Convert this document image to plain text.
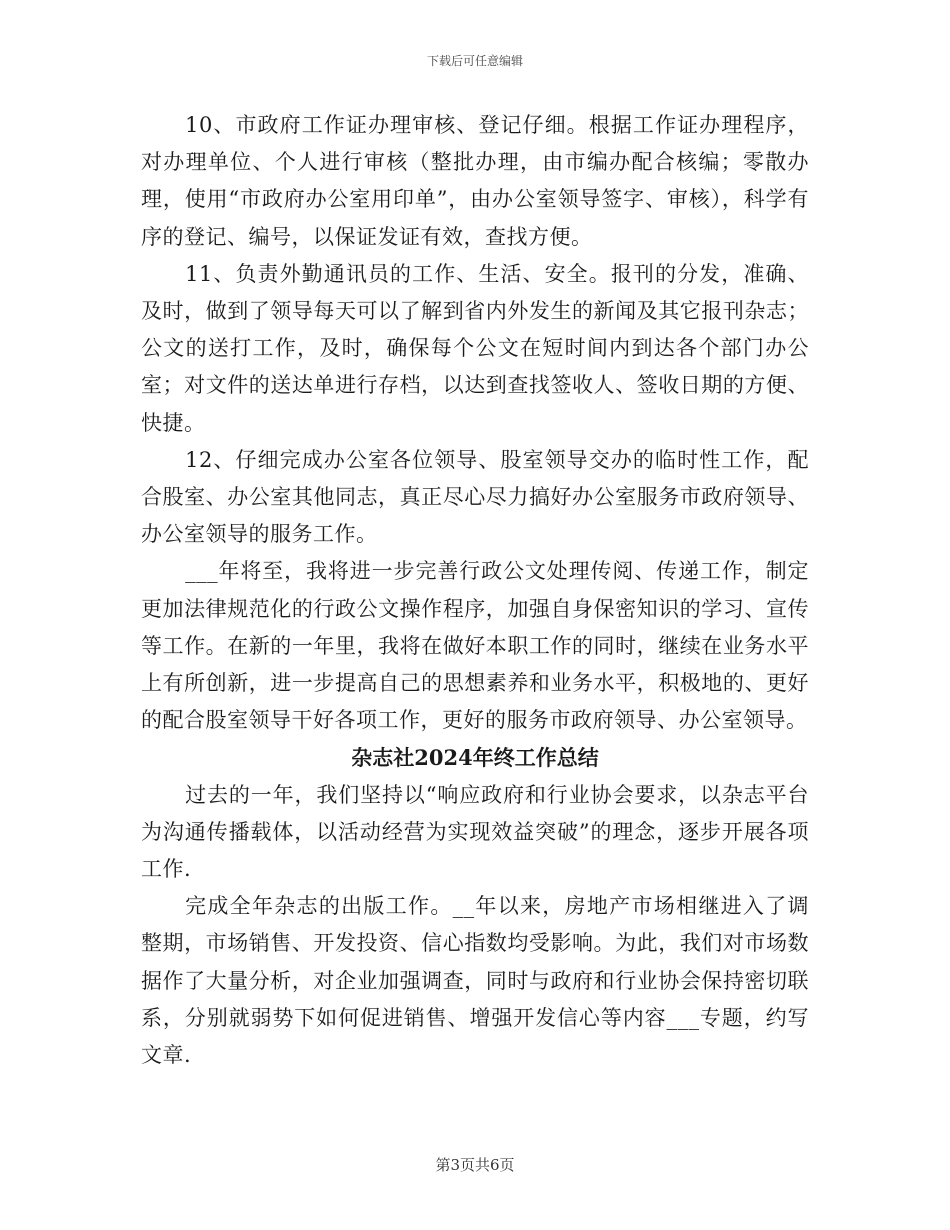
下载后可任意编辑

10、市政府工作证办理审核、登记仔细。根据工作证办理程序，对办理单位、个人进行审核（整批办理，由市编办配合核编；零散办理，使用“市政府办公室用印单”，由办公室领导签字、审核），科学有序的登记、编号，以保证发证有效，查找方便。

11、负责外勤通讯员的工作、生活、安全。报刊的分发，准确、及时，做到了领导每天可以了解到省内外发生的新闻及其它报刊杂志；公文的送打工作，及时，确保每个公文在短时间内到达各个部门办公室；对文件的送达单进行存档，以达到查找签收人、签收日期的方便、快捷。

12、仔细完成办公室各位领导、股室领导交办的临时性工作，配合股室、办公室其他同志，真正尽心尽力搞好办公室服务市政府领导、办公室领导的服务工作。

___年将至，我将进一步完善行政公文处理传阅、传递工作，制定更加法律规范化的行政公文操作程序，加强自身保密知识的学习、宣传等工作。在新的一年里，我将在做好本职工作的同时，继续在业务水平上有所创新，进一步提高自己的思想素养和业务水平，积极地的、更好的配合股室领导干好各项工作，更好的服务市政府领导、办公室领导。

杂志社2024年终工作总结

过去的一年，我们坚持以“响应政府和行业协会要求，以杂志平台为沟通传播载体，以活动经营为实现效益突破”的理念，逐步开展各项工作.

完成全年杂志的出版工作。__年以来，房地产市场相继进入了调整期，市场销售、开发投资、信心指数均受影响。为此，我们对市场数据作了大量分析，对企业加强调查，同时与政府和行业协会保持密切联系，分别就弱势下如何促进销售、增强开发信心等内容___专题，约写文章.

第3页共6页
